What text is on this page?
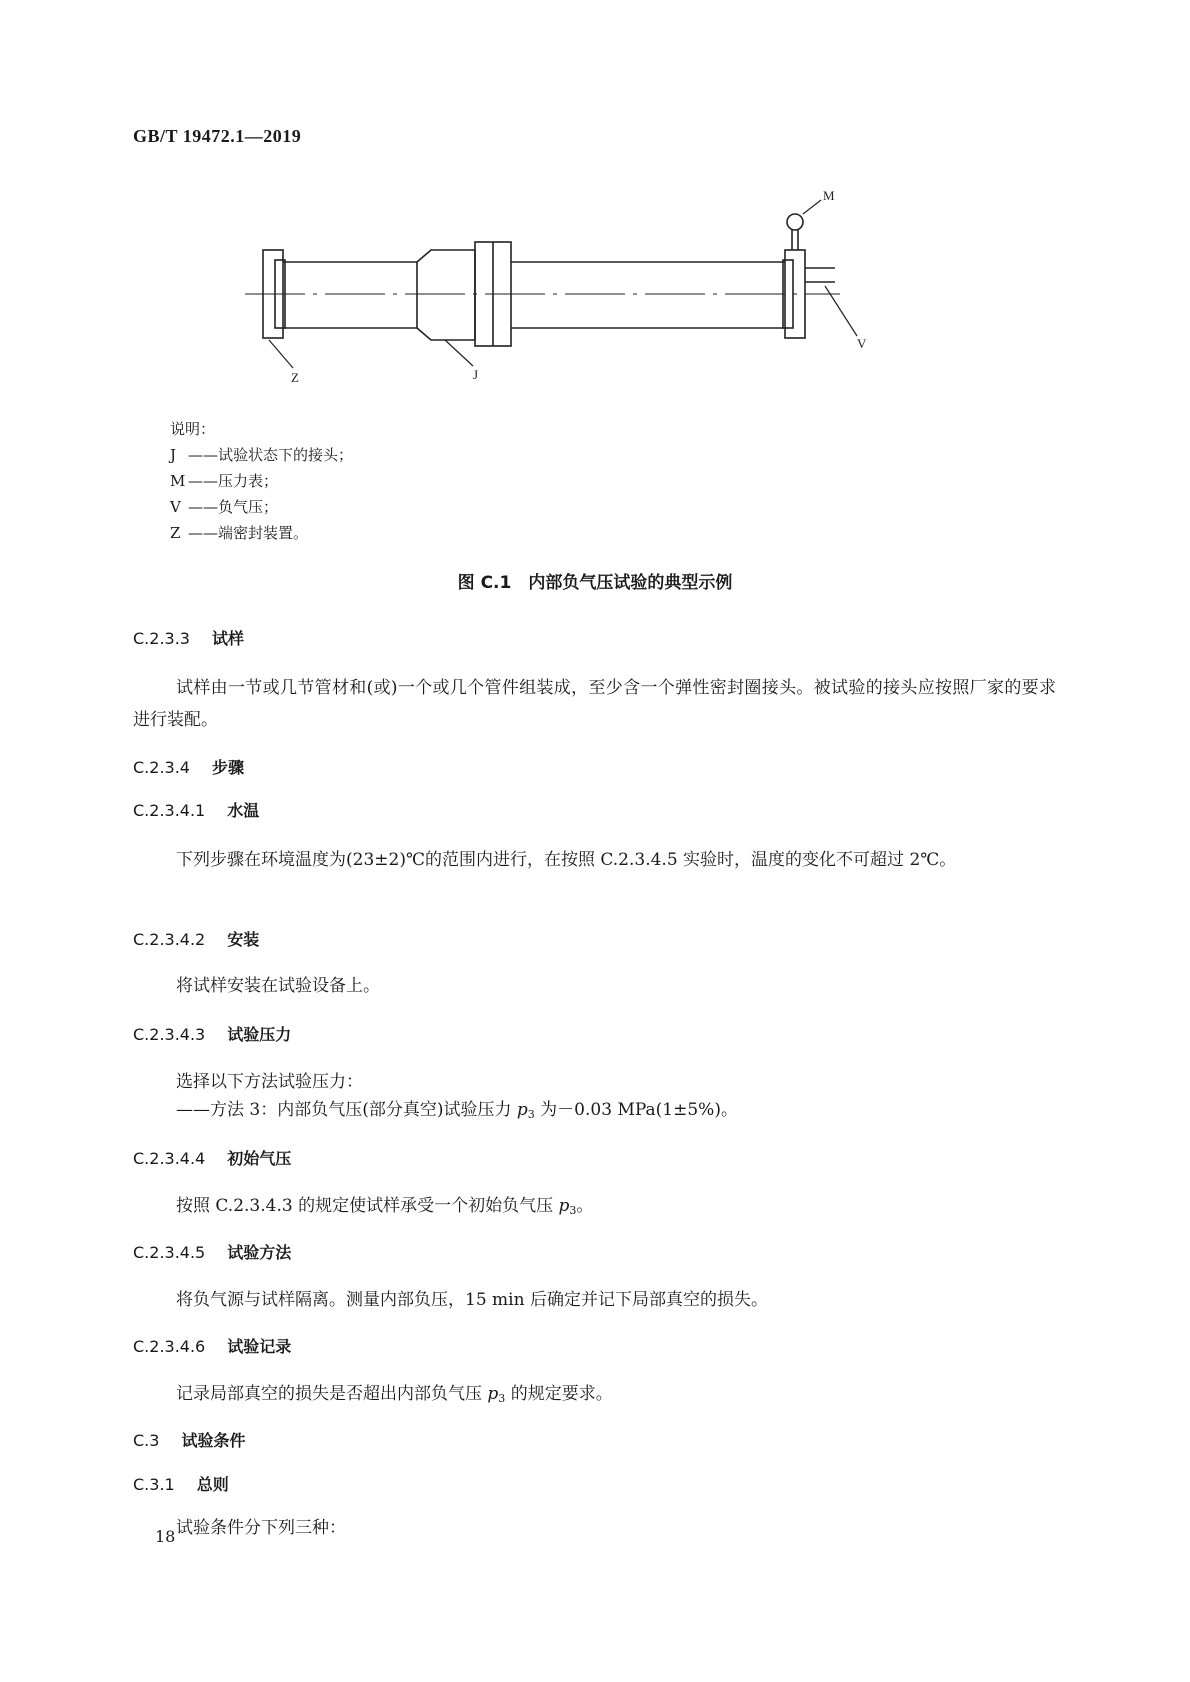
GB/T 19472.1—2019
M
V
J
Z
说明：
J ——试验状态下的接头；
M ——压力表；
V ——负气压；
Z ——端密封装置。
图 C.1　内部负气压试验的典型示例
C.2.3.3 试样
试样由一节或几节管材和(或)一个或几个管件组装成，至少含一个弹性密封圈接头。被试验的接头应按照厂家的要求进行装配。
C.2.3.4 步骤
C.2.3.4.1 水温
下列步骤在环境温度为(23±2)℃的范围内进行，在按照 C.2.3.4.5 实验时，温度的变化不可超过 2℃。
C.2.3.4.2 安装
将试样安装在试验设备上。
C.2.3.4.3 试验压力
选择以下方法试验压力：
——方法 3：内部负气压(部分真空)试验压力 $p_3$ 为－0.03 MPa(1±5%)。
C.2.3.4.4 初始气压
按照 C.2.3.4.3 的规定使试样承受一个初始负气压 $p_3$。
C.2.3.4.5 试验方法
将负气源与试样隔离。测量内部负压，15 min 后确定并记下局部真空的损失。
C.2.3.4.6 试验记录
记录局部真空的损失是否超出内部负气压 $p_3$ 的规定要求。
C.3 试验条件
C.3.1 总则
试验条件分下列三种：
18
